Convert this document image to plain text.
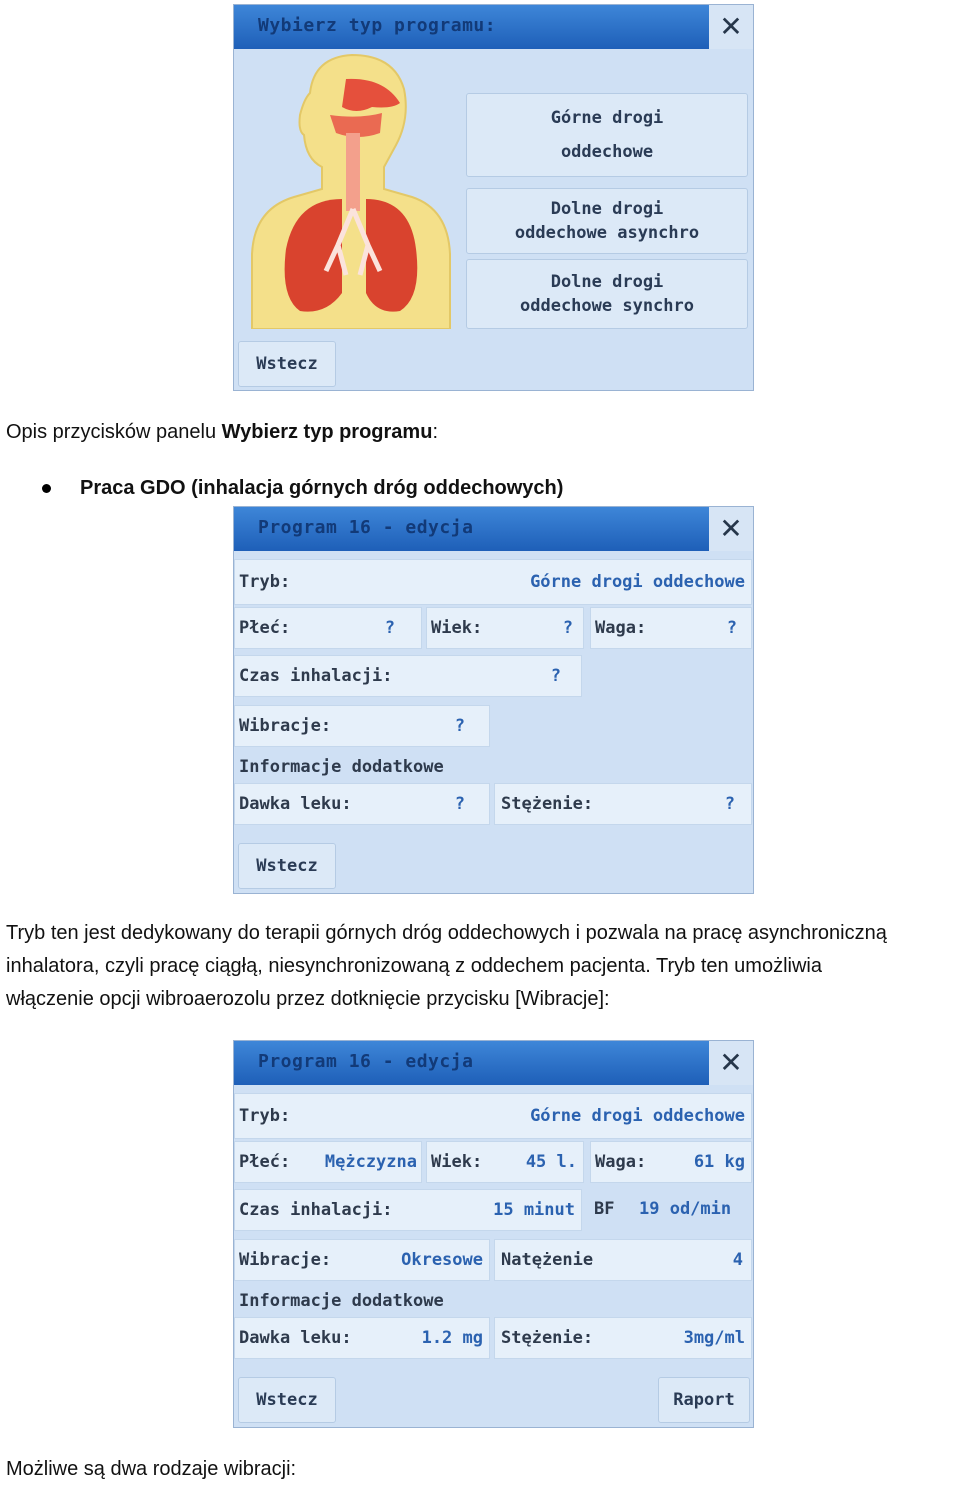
Wybierz typ programu:	✕
Górne drogi
oddechowe
Dolne drogi
oddechowe asynchro
Dolne drogi
oddechowe synchro
Wstecz
Opis przycisków panelu Wybierz typ programu:
Praca GDO (inhalacja górnych dróg oddechowych)
Program 16 - edycja	✕
Tryb:	Górne drogi oddechowe
Płeć:	? Wiek:	? Waga:	?
Czas inhalacji:	?
Wibracje:	?
Informacje dodatkowe
Dawka leku:	? Stężenie:	?
Wstecz
Tryb ten jest dedykowany do terapii górnych dróg oddechowych i pozwala na pracę asynchroniczną
inhalatora, czyli pracę ciągłą, niesynchronizowaną z oddechem pacjenta. Tryb ten umożliwia
włączenie opcji wibroaerozolu przez dotknięcie przycisku [Wibracje]:
Program 16 - edycja	✕
Tryb:	Górne drogi oddechowe
Płeć: Mężczyzna Wiek:	45 l. Waga:	61 kg
Czas inhalacji:	15 minut BF 19 od/min
Wibracje:	Okresowe Natężenie	4
Informacje dodatkowe
Dawka leku:	1.2 mg Stężenie:	3mg/ml
Wstecz	Raport
Możliwe są dwa rodzaje wibracji:
